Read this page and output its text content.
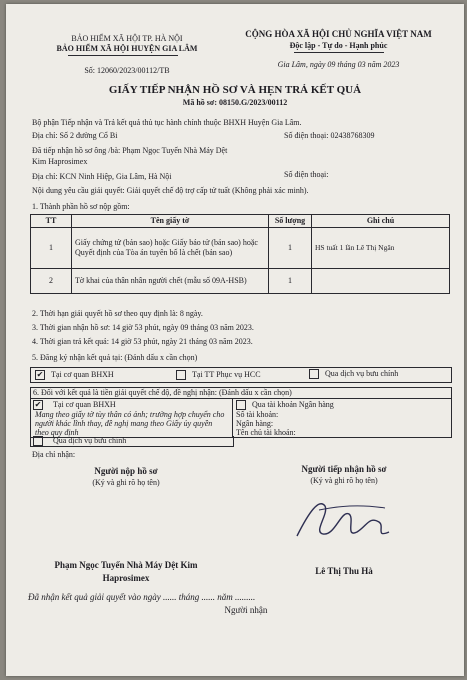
BẢO HIỂM XÃ HỘI TP. HÀ NỘI
BẢO HIỂM XÃ HỘI HUYỆN GIA LÂM
Số: 12060/2023/00112/TB
CỘNG HÒA XÃ HỘI CHỦ NGHĨA VIỆT NAM
Độc lập - Tự do - Hạnh phúc
Gia Lâm, ngày 09 tháng 03 năm 2023
GIẤY TIẾP NHẬN HỒ SƠ VÀ HẸN TRẢ KẾT QUẢ
Mã hồ sơ: 08150.G/2023/00112
Bộ phận Tiếp nhận và Trả kết quả thủ tục hành chính thuộc BHXH Huyện Gia Lâm.
Địa chỉ: Số 2 đường Cổ Bi	Số điện thoại: 02438768309
Đã tiếp nhận hồ sơ ông /bà: Phạm Ngọc Tuyến Nhà Máy Dệt
Kim Haprosimex
Địa chỉ: KCN Ninh Hiệp, Gia Lâm, Hà Nội	Số điện thoại:
Nội dung yêu cầu giải quyết: Giải quyết chế độ trợ cấp tử tuất (Không phải xác minh).
1. Thành phần hồ sơ nộp gồm:
TT	Tên giấy tờ	Số lượng	Ghi chú
1	Giấy chứng tử (bản sao) hoặc Giấy báo tử (bản sao) hoặc Quyết định của Tòa án tuyên bố là chết (bản sao)	1	HS tuất 1 lần Lê Thị Ngân
2	Tờ khai của thân nhân người chết (mẫu số 09A-HSB)	1	
2. Thời hạn giải quyết hồ sơ theo quy định là: 8 ngày.
3. Thời gian nhận hồ sơ: 14 giờ 53 phút, ngày 09 tháng 03 năm 2023.
4. Thời gian trả kết quả: 14 giờ 53 phút, ngày 21 tháng 03 năm 2023.
5. Đăng ký nhận kết quả tại: (Đánh dấu x cần chọn)
✔ Tại cơ quan BHXH	Tại TT Phục vụ HCC	Qua dịch vụ bưu chính
6. Đối với kết quả là tiền giải quyết chế độ, đề nghị nhận: (Đánh dấu x cần chọn)
✔ Tại cơ quan BHXH
Mang theo giấy tờ tùy thân có ảnh; trường hợp chuyển cho người khác lĩnh thay, đề nghị mang theo Giấy ủy quyền theo quy định
Qua tài khoản Ngân hàng
Số tài khoản:
Ngân hàng:
Tên chủ tài khoản:
Qua dịch vụ bưu chính
Địa chỉ nhận:
Người nộp hồ sơ
(Ký và ghi rõ họ tên)
Người tiếp nhận hồ sơ
(Ký và ghi rõ họ tên)
Phạm Ngọc Tuyến Nhà Máy Dệt Kim
Haprosimex
Lê Thị Thu Hà
Đã nhận kết quả giải quyết vào ngày ...... tháng ...... năm .........
Người nhận
